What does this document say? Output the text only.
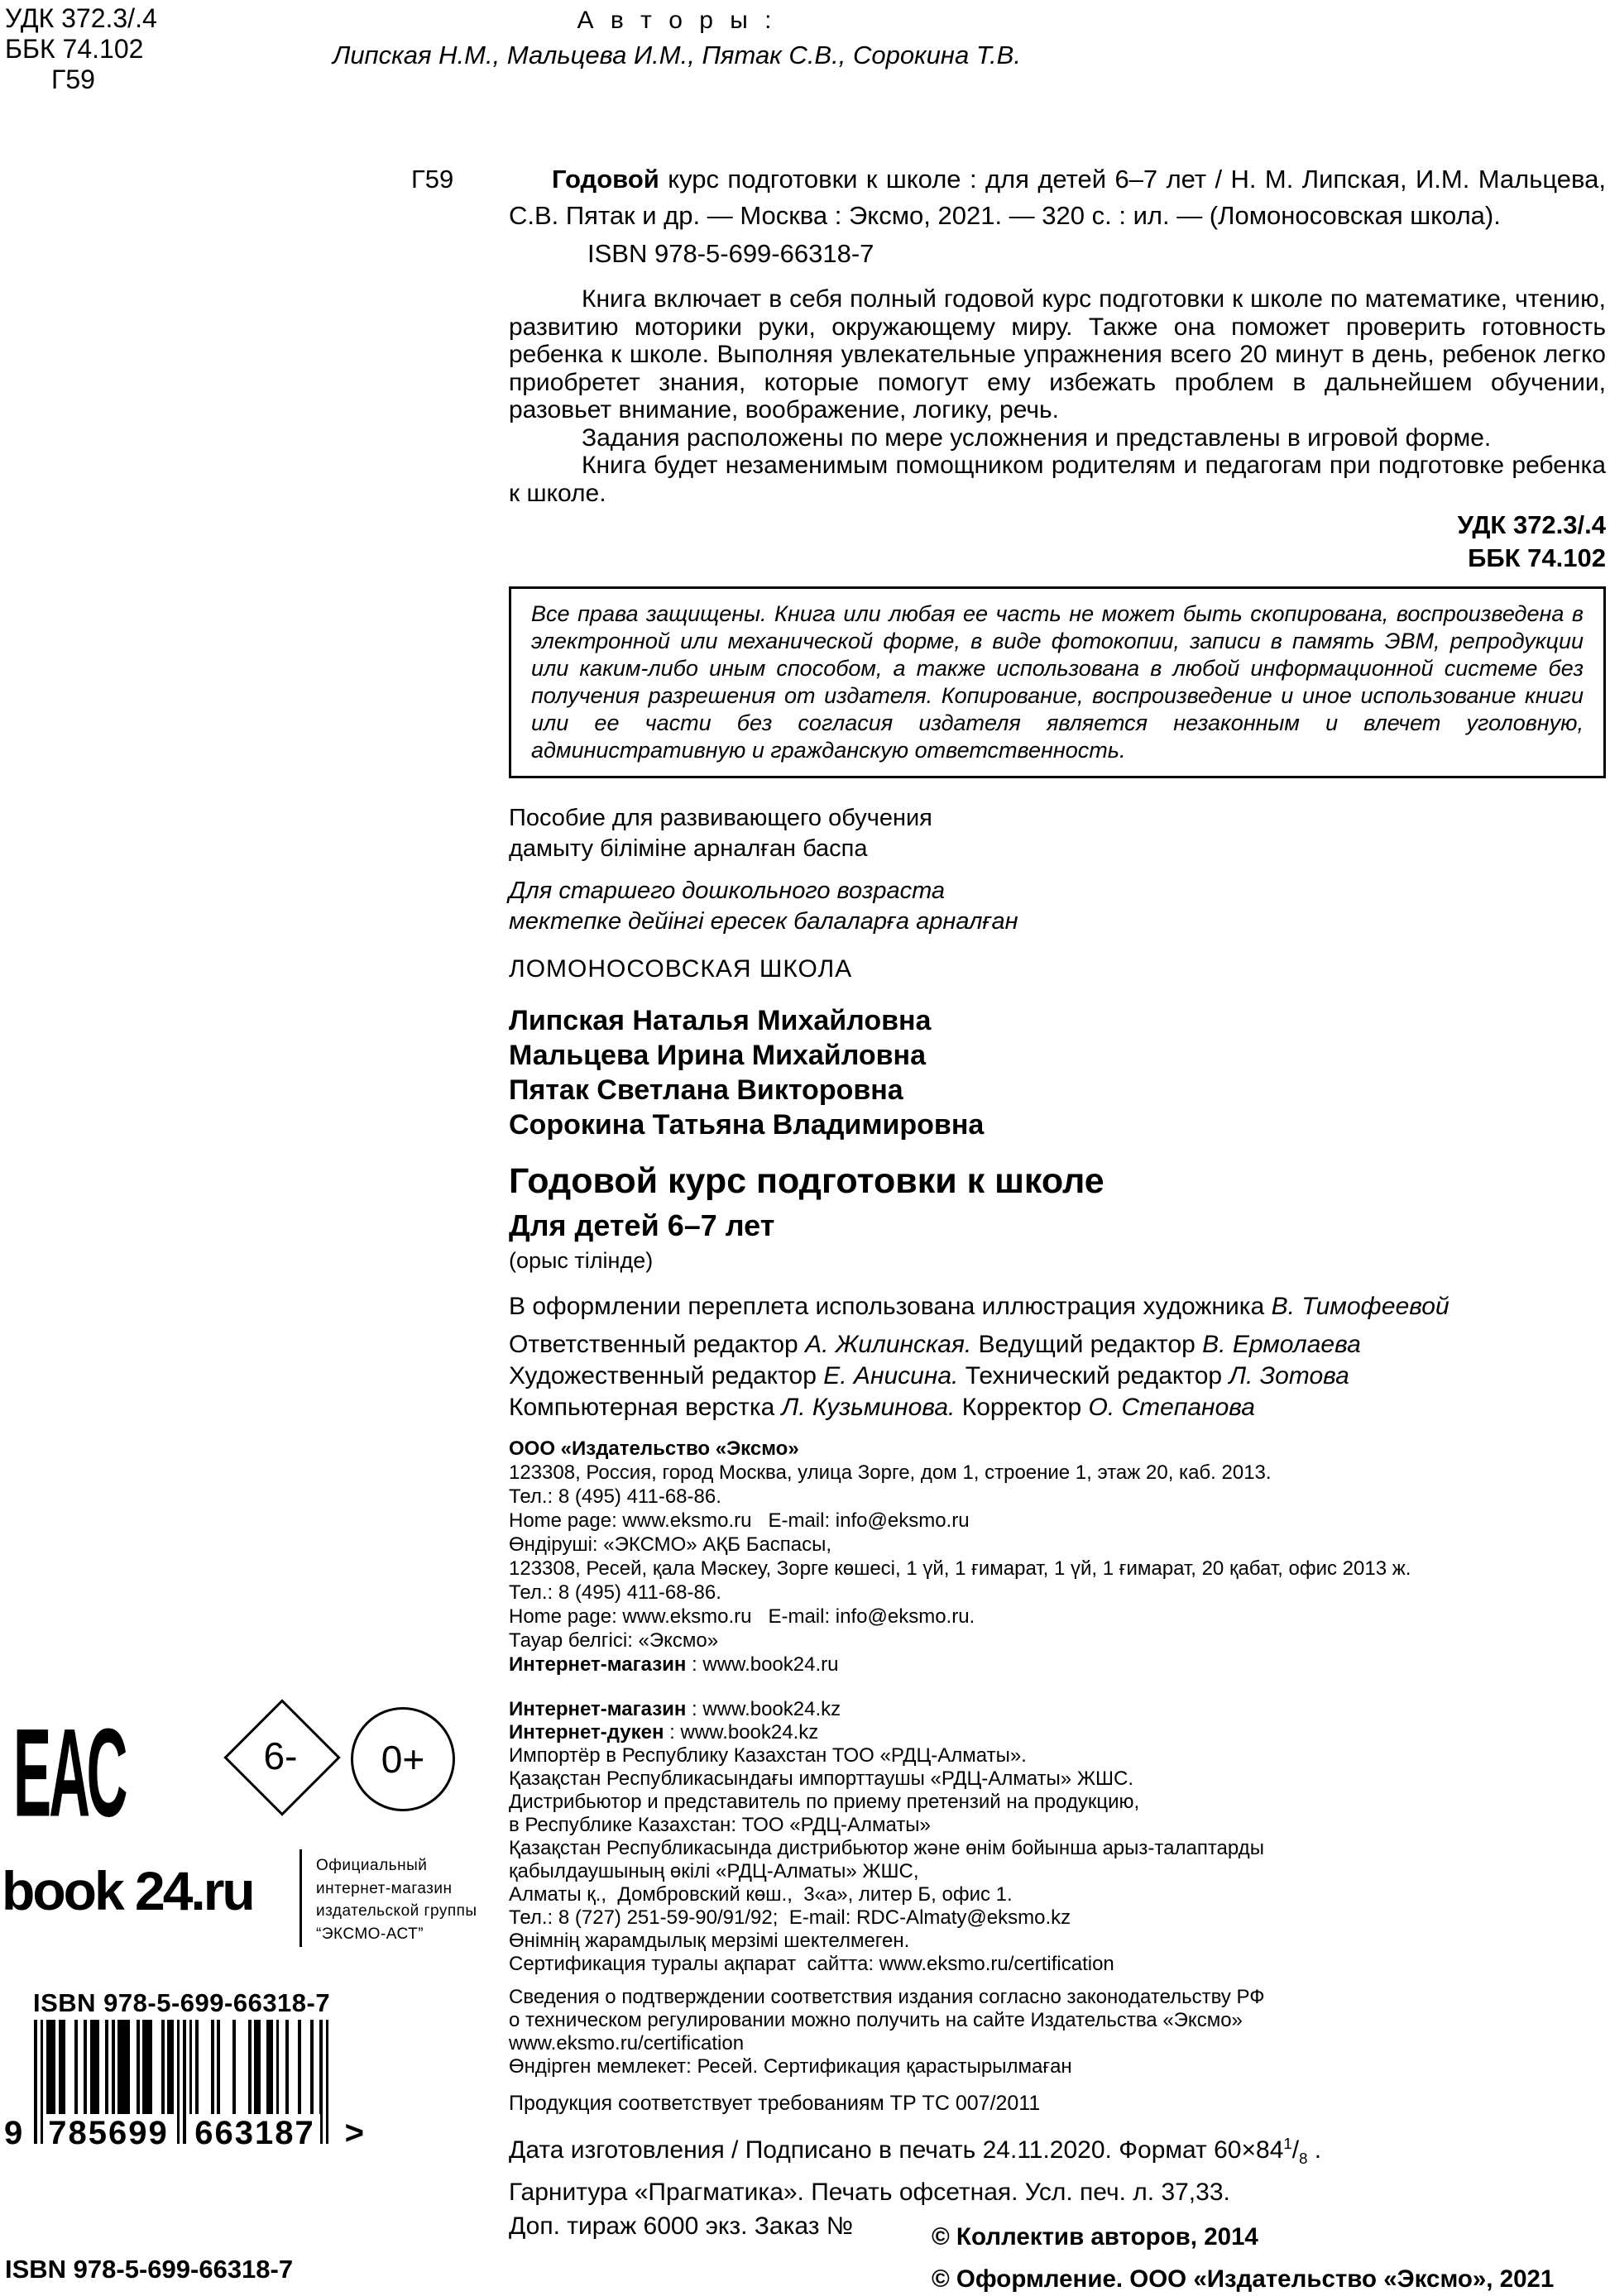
УДК 372.3/.4
ББК 74.102
Г59
А в т о р ы :
Липская Н.М., Мальцева И.М., Пятак С.В., Сорокина Т.В.
Г59	Годовой курс подготовки к школе : для детей 6–7 лет / Н. М. Липская, И.М. Мальцева, С.В. Пятак и др. — Москва : Эксмо, 2021. — 320 с. : ил. — (Ломоносовская школа).
ISBN 978-5-699-66318-7
Книга включает в себя полный годовой курс подготовки к школе по математике, чтению, развитию моторики руки, окружающему миру. Также она поможет проверить готовность ребенка к школе. Выполняя увлекательные упражнения всего 20 минут в день, ребенок легко приобретет знания, которые помогут ему избежать проблем в дальнейшем обучении, разовьет внимание, воображение, логику, речь.
Задания расположены по мере усложнения и представлены в игровой форме.
Книга будет незаменимым помощником родителям и педагогам при подготовке ребенка к школе.
УДК 372.3/.4
ББК 74.102
Все права защищены. Книга или любая ее часть не может быть скопирована, воспроизведена в электронной или механической форме, в виде фотокопии, записи в память ЭВМ, репродукции или каким-либо иным способом, а также использована в любой информационной системе без получения разрешения от издателя. Копирование, воспроизведение и иное использование книги или ее части без согласия издателя является незаконным и влечет уголовную, административную и гражданскую ответственность.
Пособие для развивающего обучения
дамыту біліміне арналған баспа
Для старшего дошкольного возраста
мектепке дейінгі ересек балаларға арналған
ЛОМОНОСОВСКАЯ ШКОЛА
Липская Наталья Михайловна
Мальцева Ирина Михайловна
Пятак Светлана Викторовна
Сорокина Татьяна Владимировна
Годовой курс подготовки к школе
Для детей 6–7 лет
(орыс тілінде)
В оформлении переплета использована иллюстрация художника В. Тимофеевой
Ответственный редактор А. Жилинская. Ведущий редактор В. Ермолаева
Художественный редактор Е. Анисина. Технический редактор Л. Зотова
Компьютерная верстка Л. Кузьминова. Корректор О. Степанова
ООО «Издательство «Эксмо»
123308, Россия, город Москва, улица Зорге, дом 1, строение 1, этаж 20, каб. 2013.
Тел.: 8 (495) 411-68-86.
Home page: www.eksmo.ru   E-mail: info@eksmo.ru
Өндіруші: «ЭКСМО» АҚБ Баспасы,
123308, Ресей, қала Мәскеу, Зорге көшесі, 1 үй, 1 ғимарат, 1 үй, 1 ғимарат, 20 қабат, офис 2013 ж.
Тел.: 8 (495) 411-68-86.
Home page: www.eksmo.ru   E-mail: info@eksmo.ru.
Тауар белгісі: «Эксмо»
Интернет-магазин : www.book24.ru
Интернет-магазин : www.book24.kz
Интернет-дукен : www.book24.kz
Импортёр в Республику Казахстан ТОО «РДЦ-Алматы».
Қазақстан Республикасындағы импорттаушы «РДЦ-Алматы» ЖШС.
Дистрибьютор и представитель по приему претензий на продукцию,
в Республике Казахстан: ТОО «РДЦ-Алматы»
Қазақстан Республикасында дистрибьютор және өнім бойынша арыз-талаптарды
қабылдаушының өкілі «РДЦ-Алматы» ЖШС,
Алматы қ.,  Домбровский көш.,  3«а», литер Б, офис 1.
Тел.: 8 (727) 251-59-90/91/92;  E-mail: RDC-Almaty@eksmo.kz
Өнімнің жарамдылық мерзімі шектелмеген.
Сертификация туралы ақпарат  сайтта: www.eksmo.ru/certification
Сведения о подтверждении соответствия издания согласно законодательству РФ
о техническом регулировании можно получить на сайте Издательства «Эксмо»
www.eksmo.ru/certification
Өндірген мемлекет: Ресей. Сертификация қарастырылмаған
Продукция соответствует требованиям ТР ТС 007/2011
Дата изготовления / Подписано в печать 24.11.2020. Формат $60\times 84^1/_8$ .
Гарнитура «Прагматика». Печать офсетная. Усл. печ. л. 37,33.
Доп. тираж 6000 экз. Заказ №
ЕАС	6-	0+
book 24.ru	Официальный
интернет-магазин
издательской группы
“ЭКСМО-АСТ”
ISBN 978-5-699-66318-7
9 785699 663187 >
ISBN 978-5-699-66318-7
© Коллектив авторов, 2014
© Оформление. ООО «Издательство «Эксмо», 2021
